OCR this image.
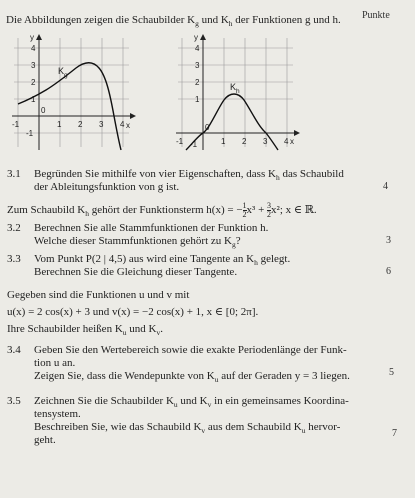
Die Abbildungen zeigen die Schaubilder $K_g$ und $K_h$ der Funktionen g und h. Punkte
y
x
4
3
2
1
-1
-1	1 2 3 4
0
$K_g$
y
x
4
3
2
1
-1
-1	1 2 3 4
0
$K_h$
3.1 Begründen Sie mithilfe von vier Eigenschaften, dass $K_h$ das Schaubild
der Ableitungsfunktion von g ist.	4
Zum Schaubild $K_h$ gehört der Funktionsterm h(x) = − $\frac{1}{2} x^3 + \frac{3}{2} x^2$; x ∈ ℝ.
3.2 Berechnen Sie alle Stammfunktionen der Funktion h.
Welche dieser Stammfunktionen gehört zu $K_g$?	3
3.3 Vom Punkt P(2 | 4,5) aus wird eine Tangente an $K_h$ gelegt.
Berechnen Sie die Gleichung dieser Tangente.	6
Gegeben sind die Funktionen u und v mit
u(x) = 2 cos(x) + 3 und v(x) = −2 cos(x) + 1, x ∈ [0; 2π].
Ihre Schaubilder heißen $K_u$ und $K_v$.
3.4 Geben Sie den Wertebereich sowie die exakte Periodenlänge der Funk-
tion u an.
Zeigen Sie, dass die Wendepunkte von $K_u$ auf der Geraden y = 3 liegen.	5
3.5 Zeichnen Sie die Schaubilder $K_u$ und $K_v$ in ein gemeinsames Koordina-
tensystem.
Beschreiben Sie, wie das Schaubild $K_v$ aus dem Schaubild $K_u$ hervor-
geht.
7
